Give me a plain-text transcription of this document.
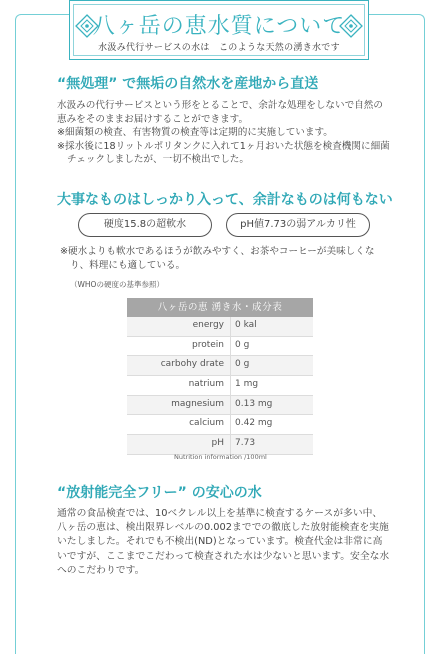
八ヶ岳の恵水質について
水汲み代行サービスの水は　このような天然の湧き水です
“無処理” で無垢の自然水を産地から直送

水汲みの代行サービスという形をとることで、余計な処理をしないで自然の恵みをそのままお届けすることができます。

※細菌類の検査、有害物質の検査等は定期的に実施しています。

※採水後に18リットルポリタンクに入れて1ヶ月おいた状態を検査機関に細菌チェックしましたが、一切不検出でした。

大事なものはしっかり入って、余計なものは何もない
硬度15.8の超軟水	pH値7.73の弱アルカリ性

※硬水よりも軟水であるほうが飲みやすく、お茶やコーヒーが美味しくなり、料理にも適している。

（WHOの硬度の基準参照）
八ヶ岳の恵 湧き水・成分表
energy 0 kal
protein 0 g
carbohy drate 0 g
natrium 1 mg
magnesium 0.13 mg
calcium 0.42 mg
pH 7.73
Nutrition information /100ml
“放射能完全フリー” の安心の水

通常の食品検査では、10ベクレル以上を基準に検査するケースが多い中、八ヶ岳の恵は、検出限界レベルの0.002まででの徹底した放射能検査を実施いたしました。それでも不検出(ND)となっています。検査代金は非常に高いですが、ここまでこだわって検査された水は少ないと思います。安全な水へのこだわりです。
